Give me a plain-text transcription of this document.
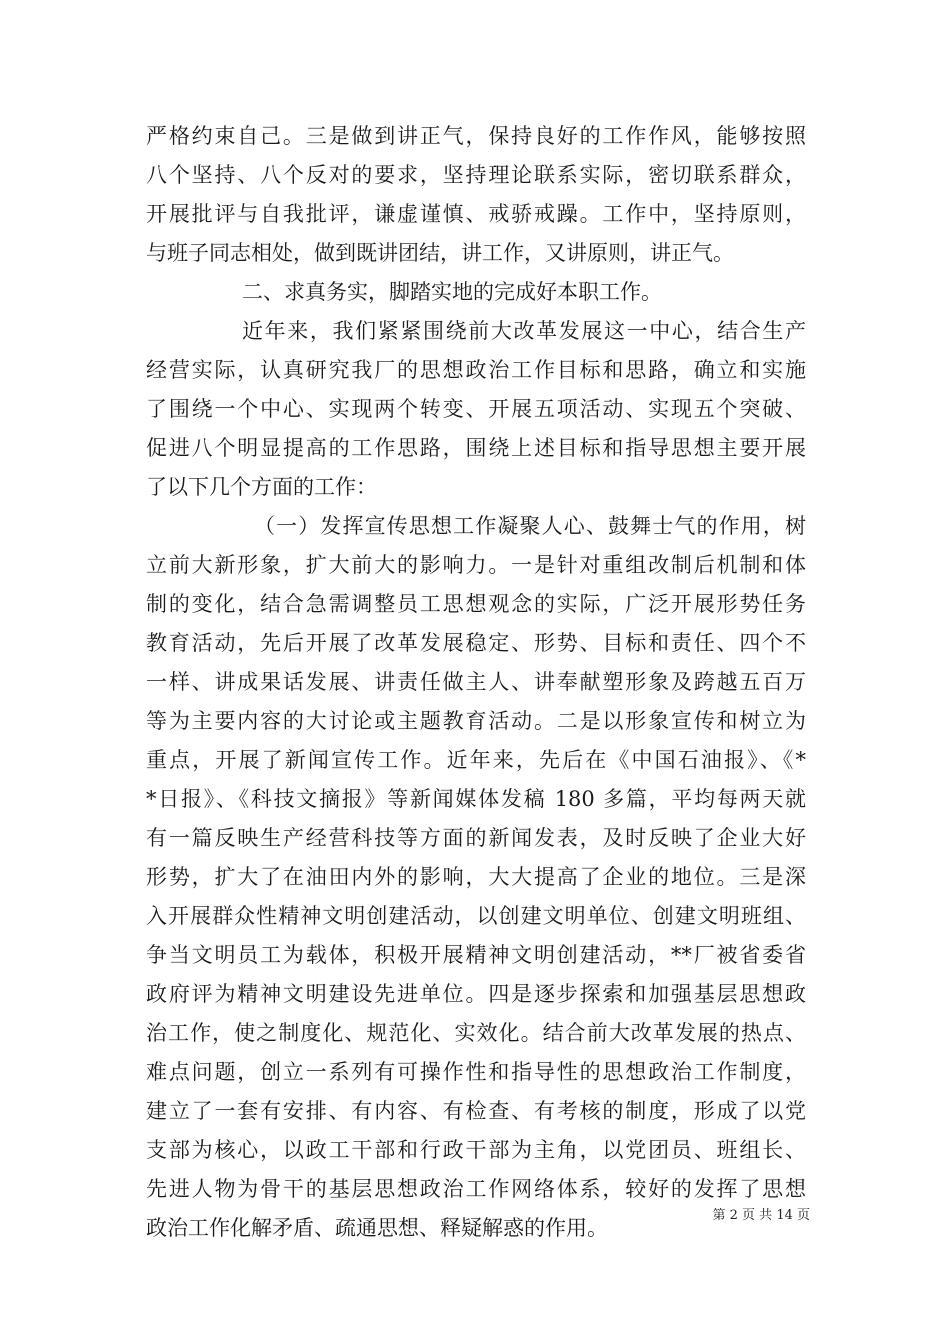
严格约束自己。三是做到讲正气，保持良好的工作作风，能够按照
八个坚持、八个反对的要求，坚持理论联系实际，密切联系群众，
开展批评与自我批评，谦虚谨慎、戒骄戒躁。工作中，坚持原则，
与班子同志相处，做到既讲团结，讲工作，又讲原则，讲正气。
二、求真务实，脚踏实地的完成好本职工作。
近年来，我们紧紧围绕前大改革发展这一中心，结合生产
经营实际，认真研究我厂的思想政治工作目标和思路，确立和实施
了围绕一个中心、实现两个转变、开展五项活动、实现五个突破、
促进八个明显提高的工作思路，围绕上述目标和指导思想主要开展
了以下几个方面的工作：
（一）发挥宣传思想工作凝聚人心、鼓舞士气的作用，树
立前大新形象，扩大前大的影响力。一是针对重组改制后机制和体
制的变化，结合急需调整员工思想观念的实际，广泛开展形势任务
教育活动，先后开展了改革发展稳定、形势、目标和责任、四个不
一样、讲成果话发展、讲责任做主人、讲奉献塑形象及跨越五百万
等为主要内容的大讨论或主题教育活动。二是以形象宣传和树立为
重点，开展了新闻宣传工作。近年来，先后在《中国石油报》、《*
*日报》、《科技文摘报》等新闻媒体发稿 180 多篇，平均每两天就
有一篇反映生产经营科技等方面的新闻发表，及时反映了企业大好
形势，扩大了在油田内外的影响，大大提高了企业的地位。三是深
入开展群众性精神文明创建活动，以创建文明单位、创建文明班组、
争当文明员工为载体，积极开展精神文明创建活动，**厂被省委省
政府评为精神文明建设先进单位。四是逐步探索和加强基层思想政
治工作，使之制度化、规范化、实效化。结合前大改革发展的热点、
难点问题，创立一系列有可操作性和指导性的思想政治工作制度，
建立了一套有安排、有内容、有检查、有考核的制度，形成了以党
支部为核心，以政工干部和行政干部为主角，以党团员、班组长、
先进人物为骨干的基层思想政治工作网络体系，较好的发挥了思想
政治工作化解矛盾、疏通思想、释疑解惑的作用。
第 2 页 共 14 页
